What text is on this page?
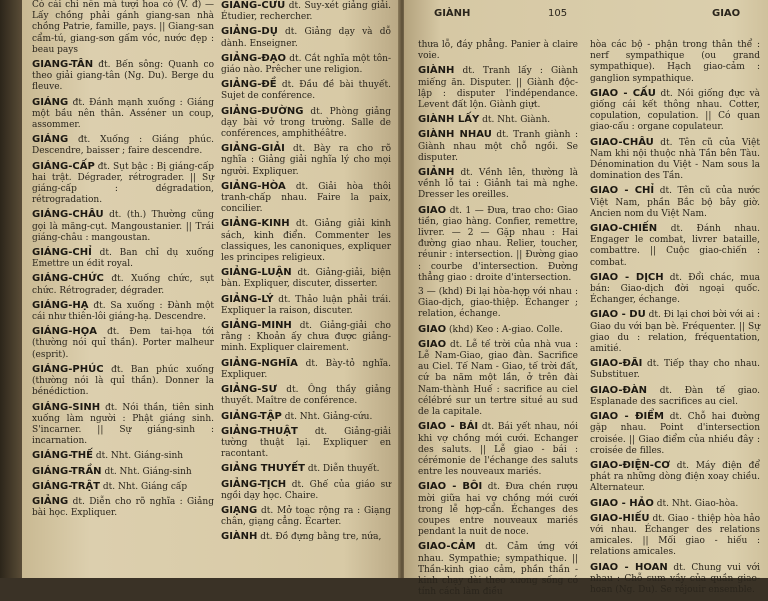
GIÀNH	105	GIAO
Có cái chi nên mà tượi hoa có (V. đ) — Lấy chồng phải gánh giang-san nhà chồng Patrie, famille, pays. || Giang-san cẩm-tú, giang-sơn gấm vóc, nước đẹp : beau pays
GIANG-TÂN đt. Bến sông: Quanh co theo giải giang-tân (Ng. Du). Berge du fleuve.
GIÁNG đt. Đánh mạnh xuống : Giáng một bầu nên thân. Asséner un coup, assommer.
GIÁNG đt. Xuống : Giáng phúc. Descendre, baisser ; faire descendre.
GIÁNG-CẤP đt. Sụt bậc : Bị giáng-cấp hai trật. Dégrader, rétrograder. || Sự giáng-cấp : dégradation, rétrogradation.
GIÁNG-CHÂU dt. (th.) Thường cũng gọi là măng-cụt. Mangoustanier. || Trái giáng-châu : mangoustan.
GIÁNG-CHỈ dt. Ban chỉ dụ xuống Emettre un édit royal.
GIÁNG-CHỨC đt. Xuống chức, sụt chức. Rétrograder, dégrader.
GIÁNG-HẠ đt. Sa xuống : Đành một cái như thiên-lôi giáng-hạ. Descendre.
GIÁNG-HỌA đt. Đem tai-họa tới (thường nói quỉ thần). Porter malheur (esprit).
GIÁNG-PHÚC đt. Ban phúc xuống (thường nói là quỉ thần). Donner la bénédiction.
GIÁNG-SINH đt. Nói thần, tiên sinh xuống làm người : Phật giáng sinh. S'incarner. || Sự giáng-sinh : incarnation.
GIÁNG-THẾ dt. Nht. Giáng-sinh
GIÁNG-TRẦN dt. Nht. Giáng-sinh
GIÁNG-TRẬT dt. Nht. Giáng cấp
GIẢNG dt. Diễn cho rõ nghĩa : Giảng bài học. Expliquer.
GIẢNG-CỨU dt. Suy-xét giảng giải. Étudier, rechercher.
GIẢNG-DỤ dt. Giảng dạy và dỗ dành. Enseigner.
GIẢNG-ĐẠO dt. Cắt nghĩa một tôn-giáo nào. Prêcher une religion.
GIẢNG-ĐỀ dt. Đầu đề bài thuyết. Sujet de conférence.
GIẢNG-ĐƯỜNG dt. Phòng giảng dạy bài vở trong trường. Salle de conférences, amphithéâtre.
GIẢNG-GIẢI dt. Bày ra cho rõ nghĩa : Giảng giải nghĩa lý cho mọi người. Expliquer.
GIẢNG-HÒA dt. Giải hòa thôi tranh-chấp nhau. Faire la paix, concilier.
GIẢNG-KINH dt. Giảng giải kinh sách, kinh điển. Commenter les classiques, les canoniques, expliquer les principes religieux.
GIẢNG-LUẬN dt. Giảng-giải, biện bàn. Expliquer, discuter, disserter.
GIẢNG-LÝ dt. Thảo luận phải trái. Expliquer la raison, discuter.
GIẢNG-MINH dt. Giảng-giải cho rằng : Khoản ấy chưa được giảng-minh. Expliquer clairement.
GIẢNG-NGHĨA dt. Bày-tỏ nghĩa. Expliquer.
GIẢNG-SƯ dt. Ông thầy giảng thuyết. Maître de conférence.
GIẢNG-TẬP dt. Nht. Giảng-cứu.
GIẢNG-THUẬT dt. Giảng-giải tường thuật lại. Expliquer en racontant.
GIẢNG THUYẾT dt. Diễn thuyết.
GIẢNG-TỊCH dt. Ghế của giáo sư ngồi dạy học. Chaire.
GIẠNG dt. Mở toạc rộng ra : Giạng chân, giạng cẳng. Écarter.
GIÀNH dt. Đồ đựng bằng tre, nứa,
thưa lỗ, đáy phẳng. Panier à claire voie.
GIÀNH dt. Tranh lấy : Giành miếng ăn. Disputer. || Giành độc-lập : disputer l'indépendance. Levent đất lộn. Giành giựt.
GIÀNH LẤY dt. Nht. Giành.
GIÀNH NHAU dt. Tranh giành : Giành nhau một chỗ ngồi. Se disputer.
GIẢNH dt. Vềnh lên, thường là vềnh lỗ tai : Giảnh tai mà nghe. Dresser les oreilles.
GIAO dt. 1 — Đưa, trao cho: Giao tiền, giao hàng. Confier, remettre, livrer. — 2 — Gặp nhau : Hai đường giao nhau. Relier, toucher, réunir : intersection. || Đường giao : courbe d'intersection. Đường thẳng giao : droite d'intersection.
3 — (khd) Đi lại hòa-hợp với nhau : Giao-dịch, giao-thiệp. Échanger ; relation, échange.
GIAO (khd) Keo : A-giao. Colle.
GIAO dt. Lễ tế trời của nhà vua : Lễ Nam-Giao, giao đàn. Sacrifice au Ciel. Tế Nam - Giao, tế trời đất, cứ ba năm một lần, ở trên đài Nam-thành Huế : sacrifice au ciel célébré sur un tertre situé au sud de la capitale.
GIAO - BÁI dt. Bái yết nhau, nói khi vợ chồng mới cưới. Echanger des saluts. || Lễ giao - bái : cérémonie de l'échange des saluts entre les nouveaux mariés.
GIAO - BÔI dt. Đưa chén rượu mời giữa hai vợ chồng mới cưới trong lễ hợp-cẩn. Échanges des coupes entre nouveaux mariés pendant la nuit de noce.
GIAO-CẢM dt. Cảm ứng với nhau. Sympathie; sympathique. || Thần-kinh giao cảm, phần thần - kinh chạy dài theo xương sống có tính cách làm điều
hòa các bộ - phận trong thân thể : nerf sympathique (ou grand sympathique). Hạch giao-cảm : ganglion sympathique.
GIAO - CẤU dt. Nói giống đực và giống cái kết thông nhau. Cotter, copulation, copulation. || Có quan giao-cấu : organe copulateur.
GIAO-CHÂU dt. Tên cũ của Việt Nam khi nội thuộc nhà Tần bên Tàu. Dénomination du Việt - Nam sous la domination des Tần.
GIAO - CHỈ dt. Tên cũ của nước Việt Nam, phần Bắc bộ bây giờ. Ancien nom du Việt Nam.
GIAO-CHIẾN dt. Đánh nhau. Engager le combat, livrer bataille, combattre. || Cuộc giao-chiến : combat.
GIAO - DỊCH dt. Đổi chác, mua bán: Giao-dịch đời ngoại quốc. Échanger, échange.
GIAO - DU dt. Đi lại chơi bời với ai : Giao du với bạn bè. Fréquenter. || Sự giao du : relation, fréquentation, amitié.
GIAO-ĐÃI dt. Tiếp thay cho nhau. Substituer.
GIAO-ĐÀN dt. Đàn tế giao. Esplanade des sacrifices au ciel.
GIAO - ĐIỂM dt. Chỗ hai đường gặp nhau. Point d'intersection croisée. || Giao điểm của nhiều đây : croisée de filles.
GIAO-ĐIỆN-CƠ dt. Máy điện để phát ra những dòng điện xoay chiều. Alternateur.
GIAO - HẢO dt. Nht. Giao-hòa.
GIAO-HIẾU dt. Giao - thiệp hòa hảo với nhau. Échanger des relations amicales. || Mối giao - hiếu : relations amicales.
GIAO - HOAN dt. Chung vui với nhau : Chỗ sum vầy của quần giao-hoan (Ng. Du). Se réjouir ensemble.
